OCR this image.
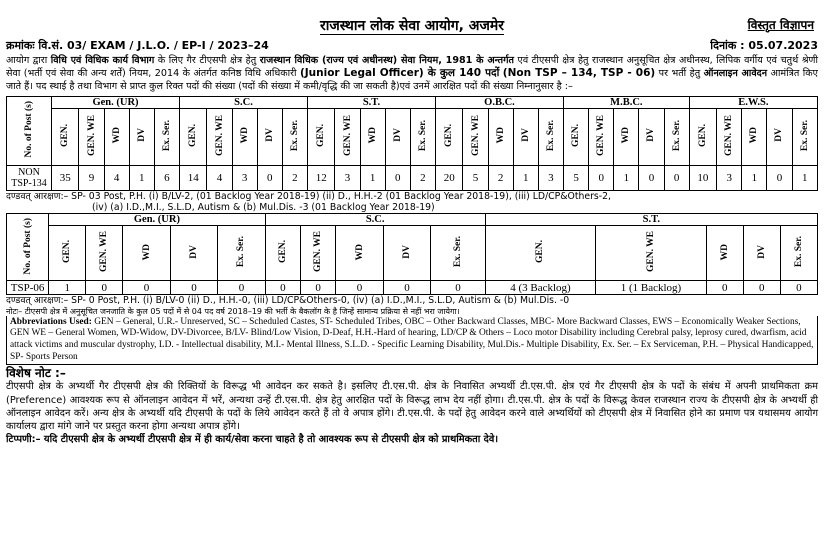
विस्तृत विज्ञापन
राजस्थान लोक सेवा आयोग, अजमेर
क्रमांकः वि.सं. 03/ EXAM / J.L.O. / EP-I / 2023–24	दिनांक : 05.07.2023
आयोग द्वारा विधि एवं विधिक कार्य विभाग के लिए गैर टीएसपी क्षेत्र हेतु राजस्थान विधिक (राज्य एवं अधीनस्थ) सेवा नियम, 1981 के अन्तर्गत एवं टीएसपी क्षेत्र हेतु राजस्थान अनुसूचित क्षेत्र अधीनस्थ, लिपिक वर्गीय एवं चतुर्थ श्रेणी सेवा (भर्ती एवं सेवा की अन्य शर्तें) नियम, 2014 के अंतर्गत कनिष्ठ विधि अधिकारी (Junior Legal Officer) के कुल 140 पदों (Non TSP – 134, TSP - 06) पर भर्ती हेतु ऑनलाइन आवेदन आमंत्रित किए जाते हैं। पद स्थाई है तथा विभाग से प्राप्त कुल रिक्त पदों की संख्या (पदों की संख्या में कमी/वृद्धि की जा सकती है)एवं उनमें आरक्षित पदों की संख्या निम्नानुसार है :–
No. of Post (s)	Gen. (UR)					S.C.					S.T.					O.B.C.					M.B.C.					E.W.S.				
	GEN.	GEN. WE	WD	DV	Ex. Ser.	GEN.	GEN. WE	WD	DV	Ex. Ser.	GEN.	GEN. WE	WD	DV	Ex. Ser.	GEN.	GEN. WE	WD	DV	Ex. Ser.	GEN.	GEN. WE	WD	DV	Ex. Ser.	GEN.	GEN. WE	WD	DV	Ex. Ser.
NON TSP-134	35	9	4	1	6	14	4	3	0	2	12	3	1	0	2	20	5	2	1	3	5	0	1	0	0	10	3	1	0	1
दण्डवत् आरक्षण:– SP- 03 Post, P.H. (i) B/LV-2, (01 Backlog Year 2018-19) (ii) D., H.H.-2 (01 Backlog Year 2018-19), (iii) LD/CP&Others-2,
(iv) (a) I.D.,M.I., S.L.D, Autism & (b) Mul.Dis. -3 (01 Backlog Year 2018-19)
No. of Post (s)	Gen. (UR)					S.C.					S.T.				
	GEN.	GEN. WE	WD	DV	Ex. Ser.	GEN.	GEN. WE	WD	DV	Ex. Ser.	GEN.	GEN. WE	WD	DV	Ex. Ser.
TSP-06	1	0	0	0	0	0	0	0	0	0	4 (3 Backlog)	1 (1 Backlog)	0	0	0
दण्डवत् आरक्षण:– SP- 0 Post, P.H. (i) B/LV-0 (ii) D., H.H.-0, (iii) LD/CP&Others-0, (iv) (a) I.D.,M.I., S.L.D, Autism & (b) Mul.Dis. -0
नोटः– टीएसपी क्षेत्र में अनुसूचित जनजाति के कुल 05 पदों में से 04 पद वर्ष 2018–19 की भर्ती के बैकलॉग के है जिन्हें सामान्य प्रक्रिया से नहीं भरा जायेगा।
Abbreviations Used: GEN – General, U.R.- Unreserved, SC – Scheduled Castes, ST- Scheduled Tribes, OBC – Other Backward Classes, MBC- More Backward Classes, EWS – Economically Weaker Sections, GEN WE – General Women, WD-Widow, DV-Divorcee, B/LV- Blind/Low Vision, D-Deaf, H.H.-Hard of hearing, LD/CP & Others – Loco motor Disability including Cerebral palsy, leprosy cured, dwarfism, acid attack victims and muscular dystrophy, LD. - Intellectual disability, M.I.- Mental Illness, S.L.D. - Specific Learning Disability, Mul.Dis.- Multiple Disability, Ex. Ser. – Ex Serviceman, P.H. – Physical Handicapped, SP- Sports Person
विशेष नोट :–
टीएसपी क्षेत्र के अभ्यर्थी गैर टीएसपी क्षेत्र की रिक्तियों के विरूद्ध भी आवेदन कर सकते है। इसलिए टी.एस.पी. क्षेत्र के निवासित अभ्यर्थी टी.एस.पी. क्षेत्र एवं गैर टीएसपी क्षेत्र के पदों के संबंध में अपनी प्राथमिकता क्रम (Preference) आवश्यक रूप से ऑनलाइन आवेदन में भरें, अन्यथा उन्हें टी.एस.पी. क्षेत्र हेतु आरक्षित पदों के विरूद्ध लाभ देय नहीं होगा। टी.एस.पी. क्षेत्र के पदों के विरूद्ध केवल राजस्थान राज्य के टीएसपी क्षेत्र के अभ्यर्थी ही ऑनलाइन आवेदन करें। अन्य क्षेत्र के अभ्यर्थी यदि टीएसपी के पदों के लिये आवेदन करते हैं तो वे अपात्र होंगे। टी.एस.पी. के पदों हेतु आवेदन करने वाले अभ्यर्थियों को टीएसपी क्षेत्र में निवासित होने का प्रमाण पत्र यथासमय आयोग कार्यालय द्वारा मांगे जाने पर प्रस्तुत करना होगा अन्यथा अपात्र होंगे।
टिप्पणी:– यदि टीएसपी क्षेत्र के अभ्यर्थी टीएसपी क्षेत्र में ही कार्य/सेवा करना चाहते है तो आवश्यक रूप से टीएसपी क्षेत्र को प्राथमिकता देवे।
